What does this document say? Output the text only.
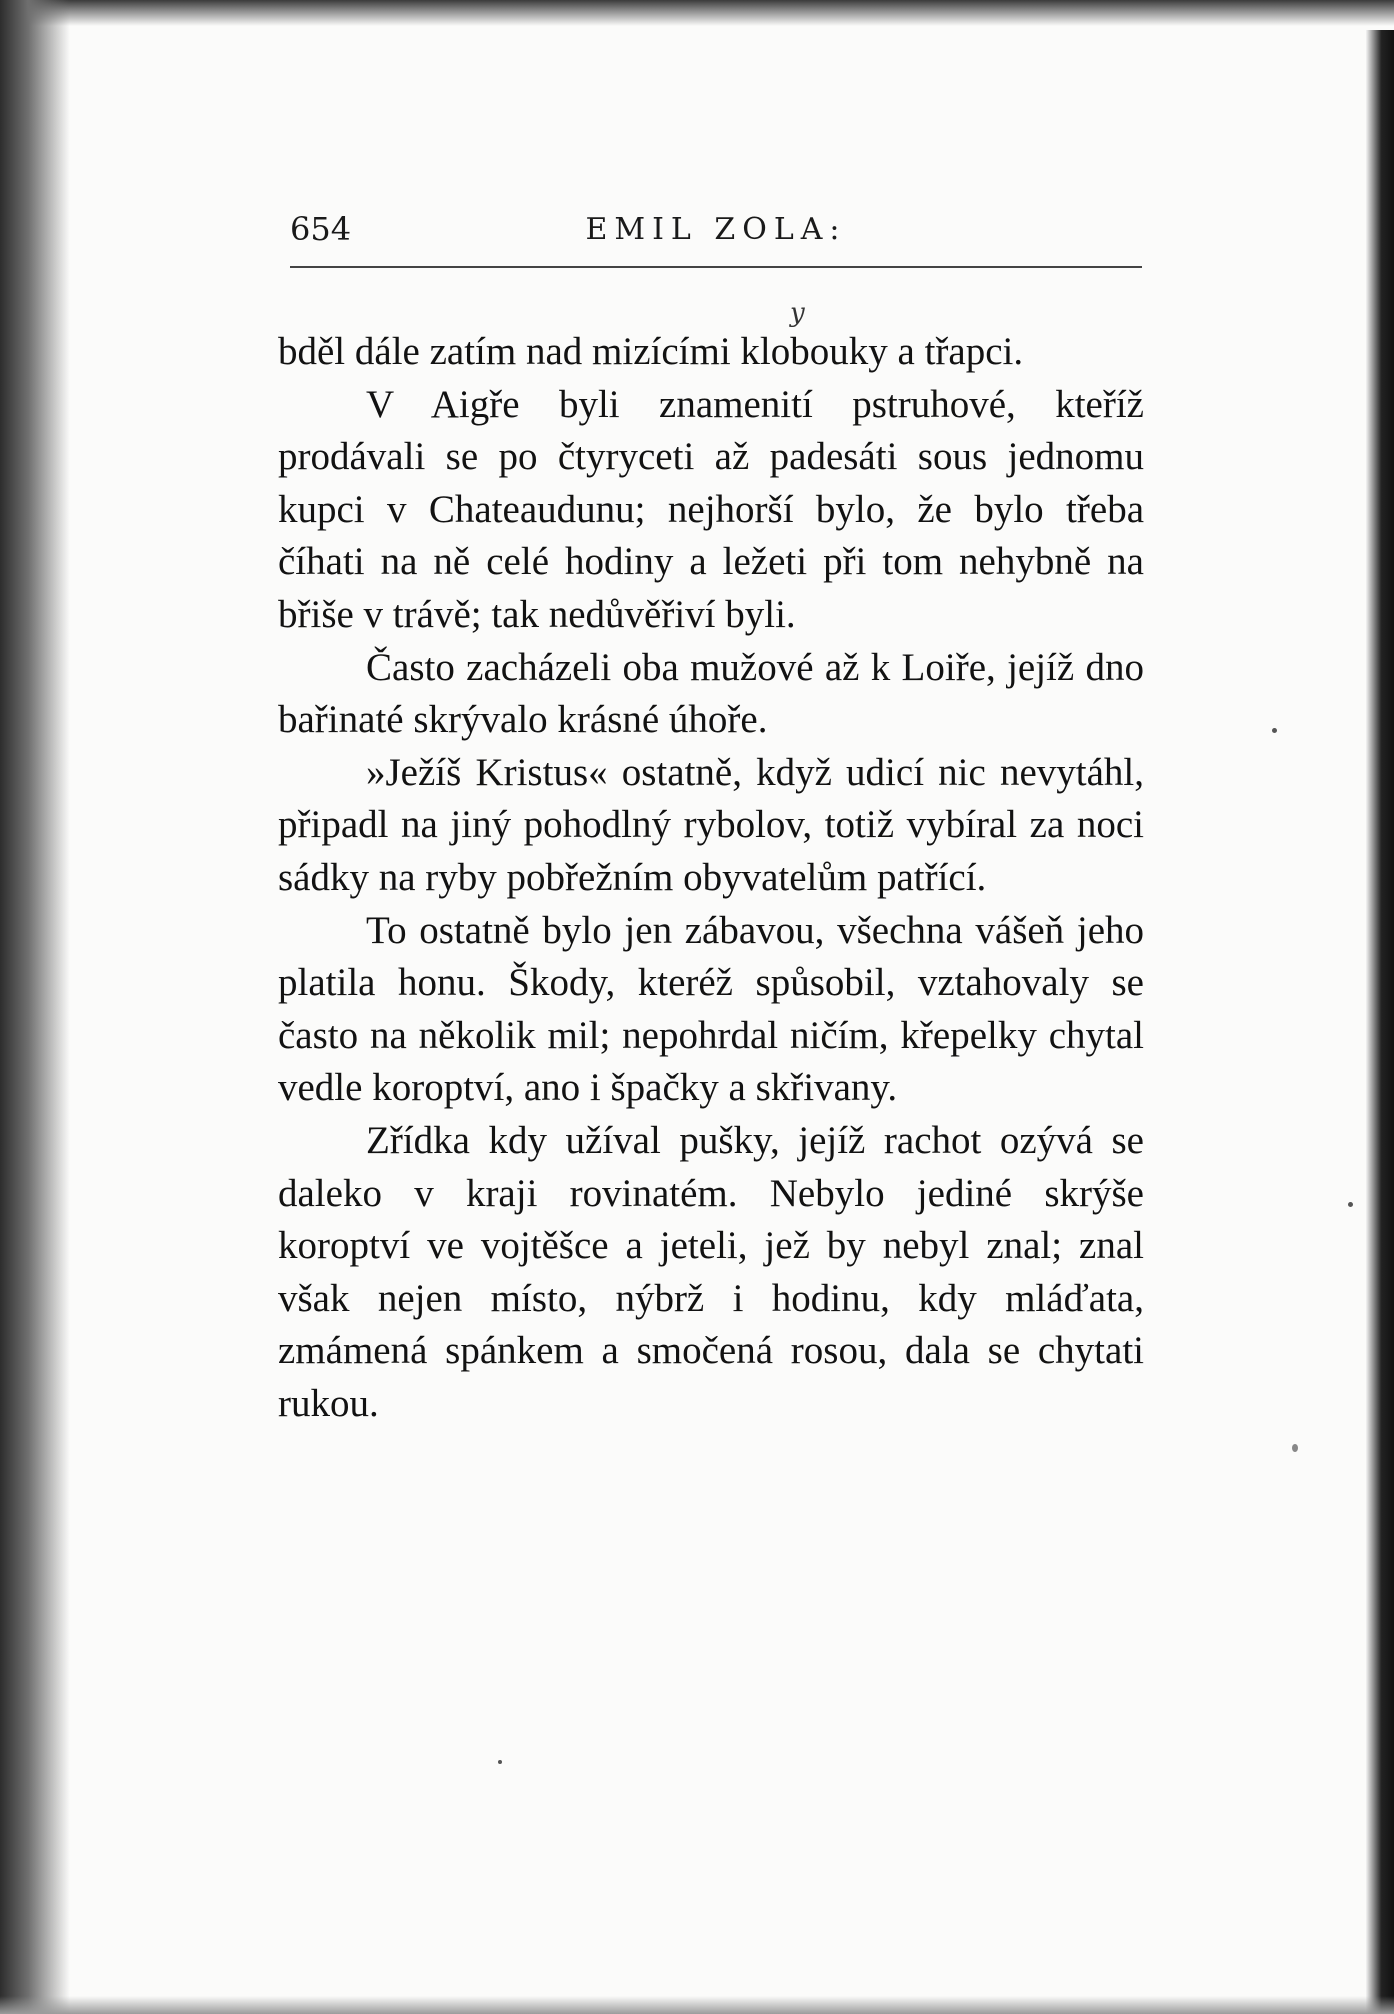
654	EMIL ZOLA:
y

bděl dále zatím nad mizícími klobouky a třapci.

V Aigře byli znamenití pstruhové, kteříž prodávali se po čtyryceti až padesáti sous jednomu kupci v Chateaudunu; nejhorší bylo, že bylo třeba číhati na ně celé hodiny a ležeti při tom nehybně na břiše v trávě; tak nedůvěřiví byli.

Často zacházeli oba mužové až k Loiře, jejíž dno bařinaté skrývalo krásné úhoře.

»Ježíš Kristus« ostatně, když udicí nic nevytáhl, připadl na jiný pohodlný rybolov, totiž vybíral za noci sádky na ryby pobřežním obyvatelům patřící.

To ostatně bylo jen zábavou, všechna vášeň jeho platila honu. Škody, kteréž spůsobil, vztahovaly se často na několik mil; nepohrdal ničím, křepelky chytal vedle koroptví, ano i špačky a skřivany.

Zřídka kdy užíval pušky, jejíž rachot ozývá se daleko v kraji rovinatém. Nebylo jediné skrýše koroptví ve vojtěšce a jeteli, jež by nebyl znal; znal však nejen místo, nýbrž i hodinu, kdy mláďata, zmámená spánkem a smočená rosou, dala se chytati rukou.
